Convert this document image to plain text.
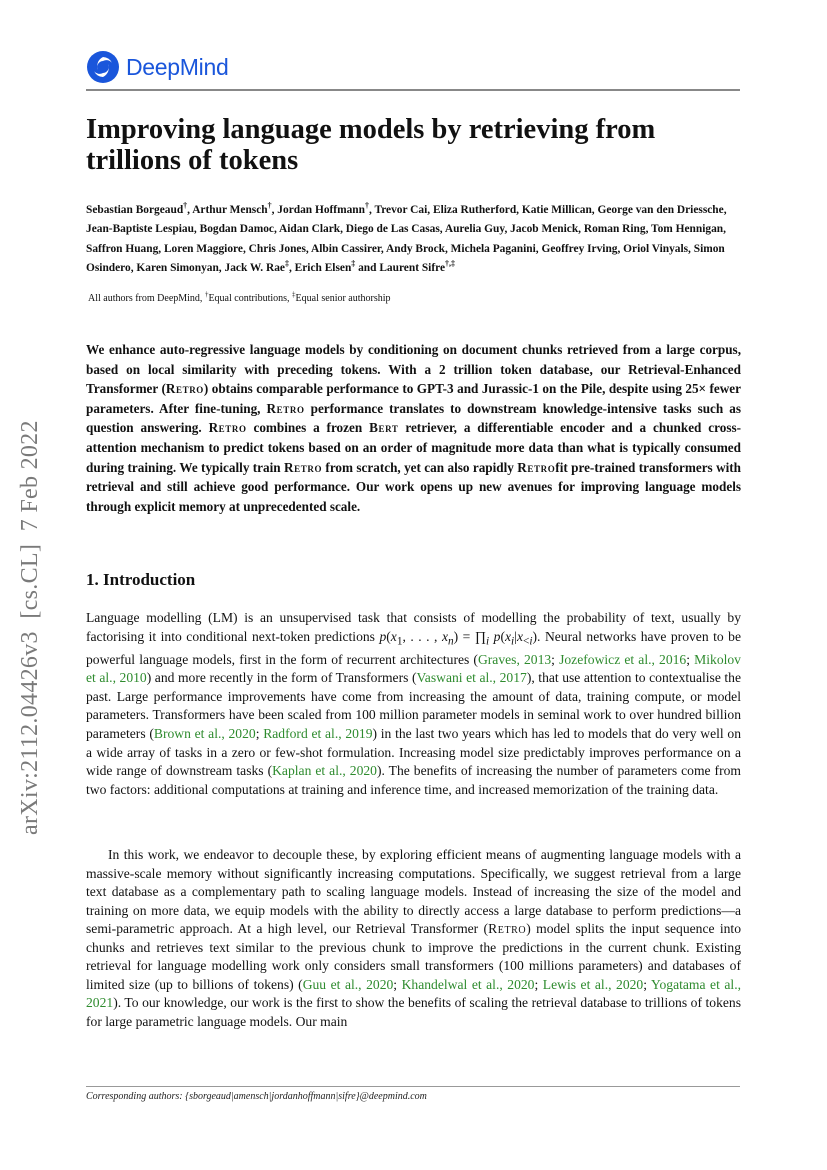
DeepMind
arXiv:2112.04426v3  [cs.CL]  7 Feb 2022
Improving language models by retrieving from trillions of tokens
Sebastian Borgeaud†, Arthur Mensch†, Jordan Hoffmann†, Trevor Cai, Eliza Rutherford, Katie Millican, George van den Driessche, Jean-Baptiste Lespiau, Bogdan Damoc, Aidan Clark, Diego de Las Casas, Aurelia Guy, Jacob Menick, Roman Ring, Tom Hennigan, Saffron Huang, Loren Maggiore, Chris Jones, Albin Cassirer, Andy Brock, Michela Paganini, Geoffrey Irving, Oriol Vinyals, Simon Osindero, Karen Simonyan, Jack W. Rae‡, Erich Elsen‡ and Laurent Sifre†,‡
All authors from DeepMind, †Equal contributions, ‡Equal senior authorship
We enhance auto-regressive language models by conditioning on document chunks retrieved from a large corpus, based on local similarity with preceding tokens. With a 2 trillion token database, our Retrieval-Enhanced Transformer (Retro) obtains comparable performance to GPT-3 and Jurassic-1 on the Pile, despite using 25× fewer parameters. After fine-tuning, Retro performance translates to downstream knowledge-intensive tasks such as question answering. Retro combines a frozen Bert retriever, a differentiable encoder and a chunked cross-attention mechanism to predict tokens based on an order of magnitude more data than what is typically consumed during training. We typically train Retro from scratch, yet can also rapidly Retrofit pre-trained transformers with retrieval and still achieve good performance. Our work opens up new avenues for improving language models through explicit memory at unprecedented scale.
1. Introduction
Language modelling (LM) is an unsupervised task that consists of modelling the probability of text, usually by factorising it into conditional next-token predictions $p(x_1$, . . . , $x_n$) = $\prod_i$ $p(x_i|x_{<i})$. Neural networks have proven to be powerful language models, first in the form of recurrent architectures (Graves, 2013; Jozefowicz et al., 2016; Mikolov et al., 2010) and more recently in the form of Transformers (Vaswani et al., 2017), that use attention to contextualise the past. Large performance improvements have come from increasing the amount of data, training compute, or model parameters. Transformers have been scaled from 100 million parameter models in seminal work to over hundred billion parameters (Brown et al., 2020; Radford et al., 2019) in the last two years which has led to models that do very well on a wide array of tasks in a zero or few-shot formulation. Increasing model size predictably improves performance on a wide range of downstream tasks (Kaplan et al., 2020). The benefits of increasing the number of parameters come from two factors: additional computations at training and inference time, and increased memorization of the training data.
In this work, we endeavor to decouple these, by exploring efficient means of augmenting language models with a massive-scale memory without significantly increasing computations. Specifically, we suggest retrieval from a large text database as a complementary path to scaling language models. Instead of increasing the size of the model and training on more data, we equip models with the ability to directly access a large database to perform predictions—a semi-parametric approach. At a high level, our Retrieval Transformer (Retro) model splits the input sequence into chunks and retrieves text similar to the previous chunk to improve the predictions in the current chunk. Existing retrieval for language modelling work only considers small transformers (100 millions parameters) and databases of limited size (up to billions of tokens) (Guu et al., 2020; Khandelwal et al., 2020; Lewis et al., 2020; Yogatama et al., 2021). To our knowledge, our work is the first to show the benefits of scaling the retrieval database to trillions of tokens for large parametric language models. Our main
Corresponding authors: {sborgeaud|amensch|jordanhoffmann|sifre}@deepmind.com
